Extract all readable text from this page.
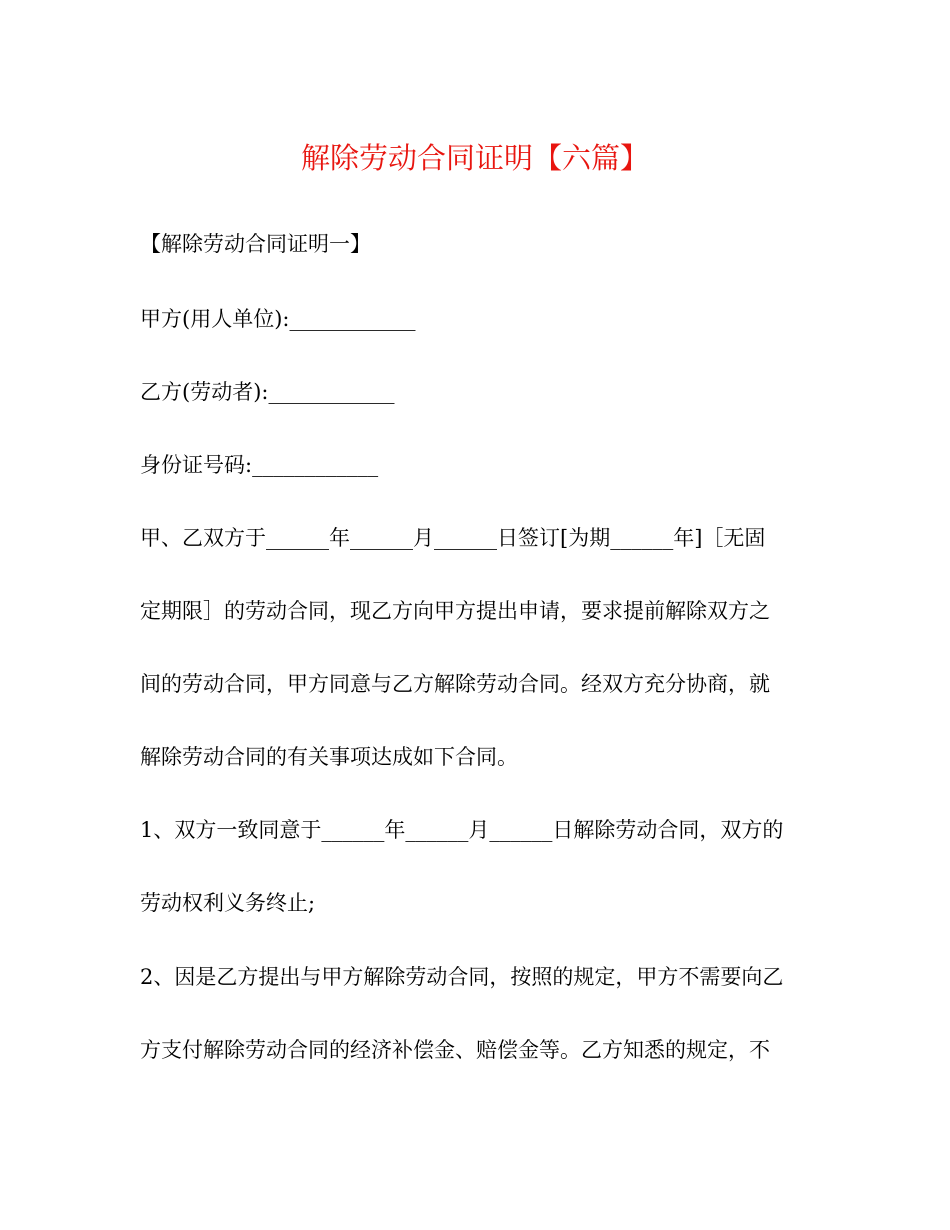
解除劳动合同证明【六篇】
【解除劳动合同证明一】
甲方(用人单位):____________
乙方(劳动者):____________
身份证号码:____________
甲、乙双方于______年______月______日签订[为期______年]［无固
定期限］的劳动合同，现乙方向甲方提出申请，要求提前解除双方之
间的劳动合同，甲方同意与乙方解除劳动合同。经双方充分协商，就
解除劳动合同的有关事项达成如下合同。
1、双方一致同意于______年______月______日解除劳动合同，双方的
劳动权利义务终止;
2、因是乙方提出与甲方解除劳动合同，按照的规定，甲方不需要向乙
方支付解除劳动合同的经济补偿金、赔偿金等。乙方知悉的规定，不
